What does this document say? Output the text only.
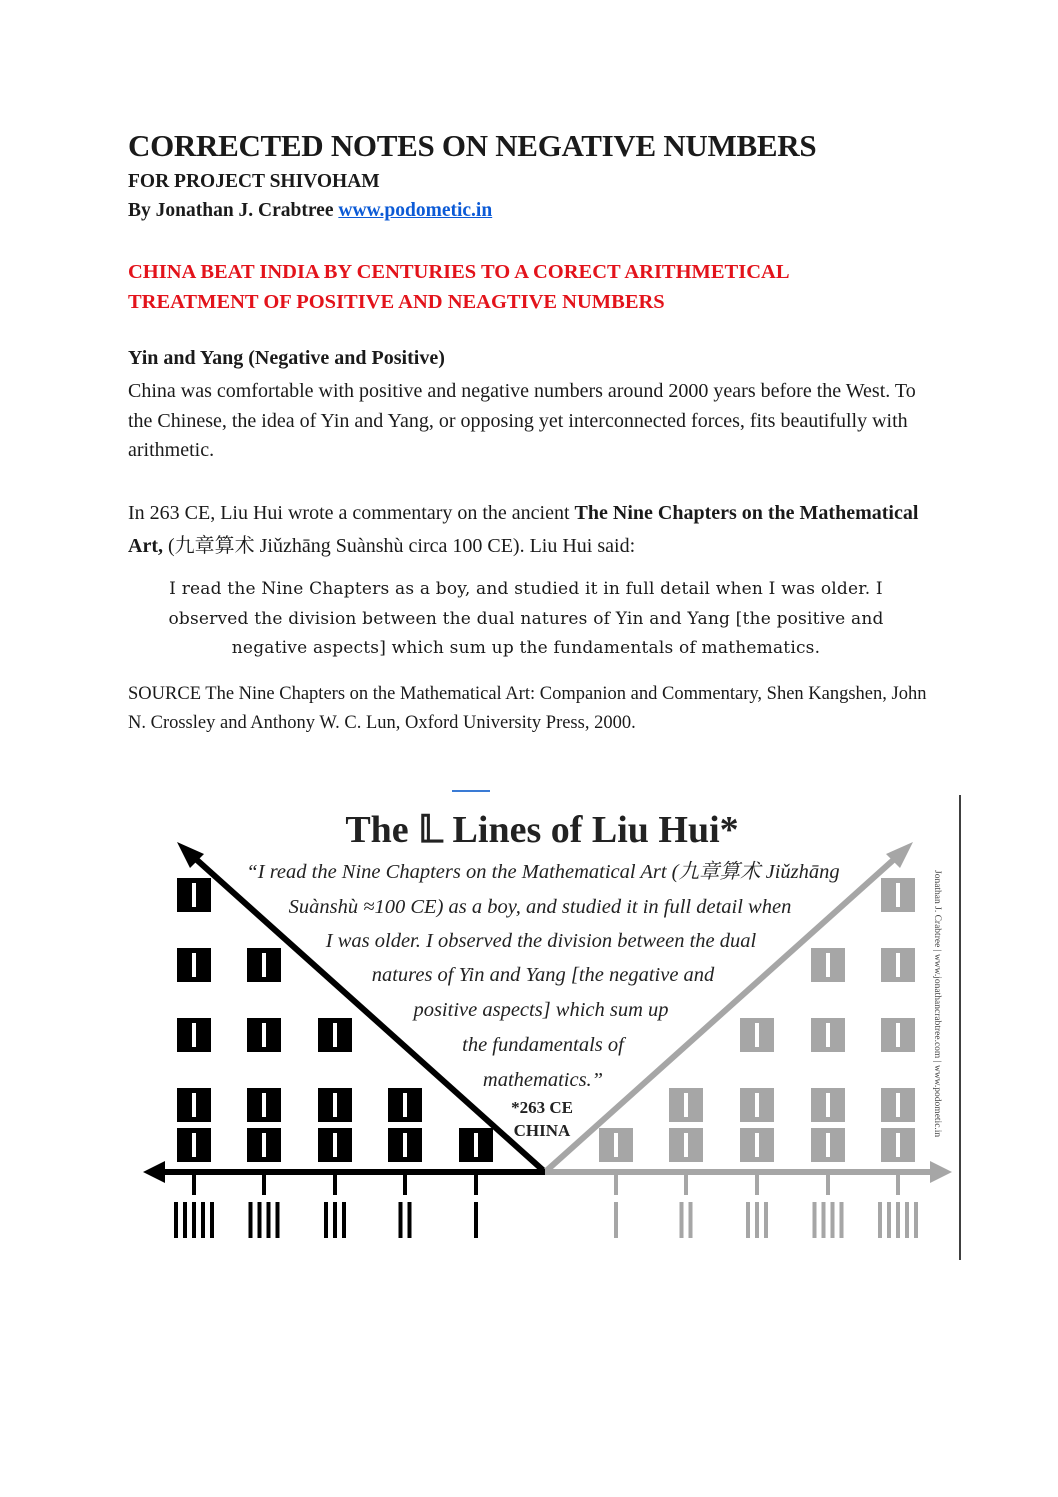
CORRECTED NOTES ON NEGATIVE NUMBERS

FOR PROJECT SHIVOHAM

By Jonathan J. Crabtree www.podometic.in

CHINA BEAT INDIA BY CENTURIES TO A CORECT ARITHMETICAL

TREATMENT OF POSITIVE AND NEAGTIVE NUMBERS

Yin and Yang (Negative and Positive)

China was comfortable with positive and negative numbers around 2000 years before the West. To the Chinese, the idea of Yin and Yang, or opposing yet interconnected forces, fits beautifully with arithmetic.

In 263 CE, Liu Hui wrote a commentary on the ancient The Nine Chapters on the Mathematical Art, (九章算术 Jiǔzhāng Suànshù circa 100 CE). Liu Hui said:

I read the Nine Chapters as a boy, and studied it in full detail when I was older. I observed the division between the dual natures of Yin and Yang [the positive and negative aspects] which sum up the fundamentals of mathematics.

SOURCE The Nine Chapters on the Mathematical Art: Companion and Commentary, Shen Kangshen, John N. Crossley and Anthony W. C. Lun, Oxford University Press, 2000.

The 𝕃 Lines of Liu Hui*
“I read the Nine Chapters on the Mathematical Art (九章算术 Jiǔzhāng
Suànshù ≈100 CE) as a boy, and studied it in full detail when
I was older. I observed the division between the dual
natures of Yin and Yang [the negative and
positive aspects] which sum up
the fundamentals of
mathematics.”
*263 CE
CHINA	Jonathan J. Crabtree | www.jonathancrabtree.com | www.podometic.in
